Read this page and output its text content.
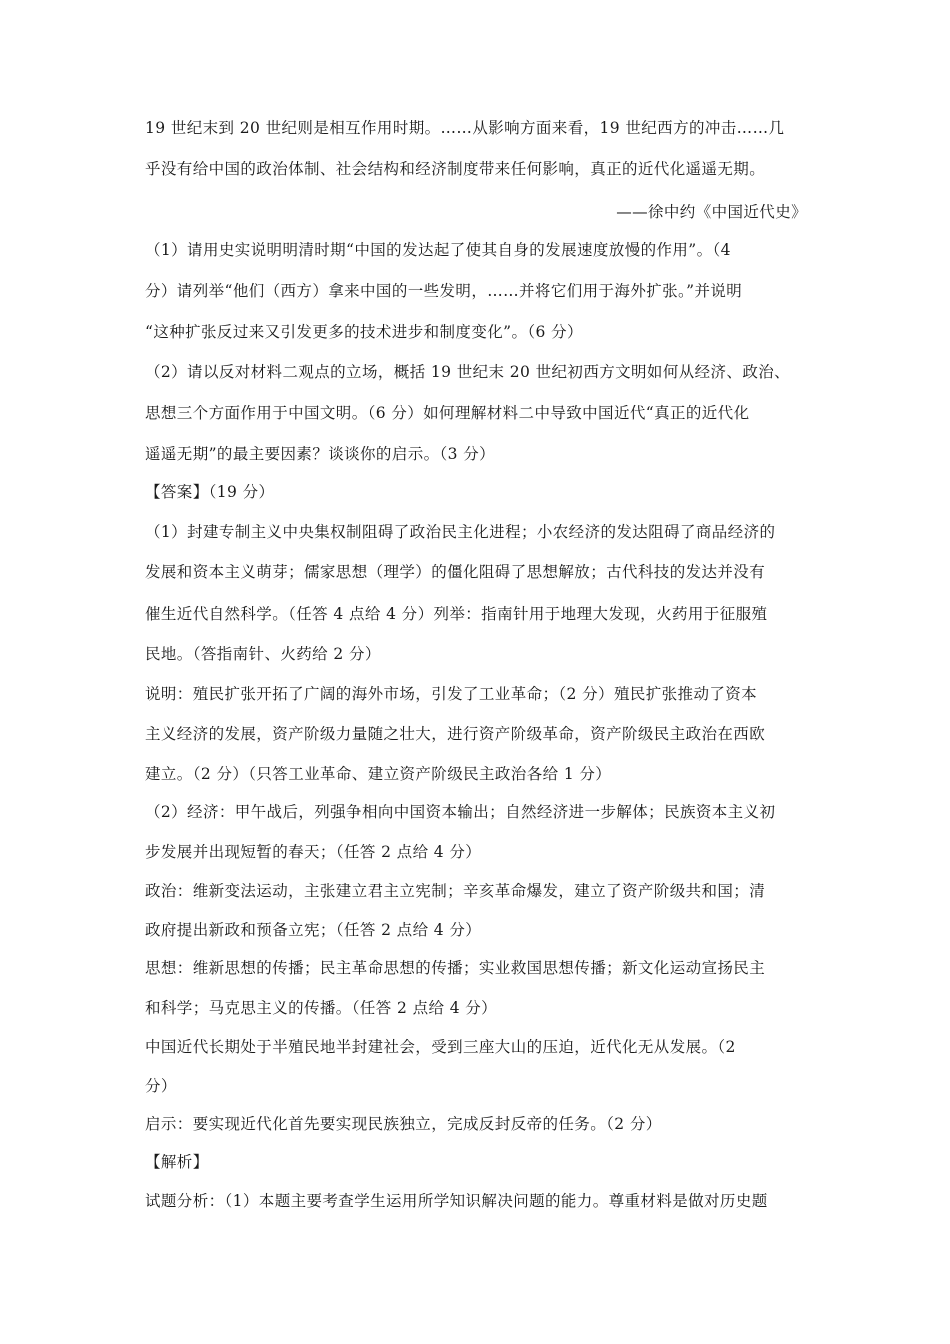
19 世纪末到 20 世纪则是相互作用时期。……从影响方面来看，19 世纪西方的冲击……几
乎没有给中国的政治体制、社会结构和经济制度带来任何影响，真正的近代化遥遥无期。
——徐中约《中国近代史》
（1）请用史实说明明清时期“中国的发达起了使其自身的发展速度放慢的作用”。（4
分）请列举“他们（西方）拿来中国的一些发明，……并将它们用于海外扩张。”并说明
“这种扩张反过来又引发更多的技术进步和制度变化”。（6 分）
（2）请以反对材料二观点的立场，概括 19 世纪末 20 世纪初西方文明如何从经济、政治、
思想三个方面作用于中国文明。（6 分）如何理解材料二中导致中国近代“真正的近代化
遥遥无期”的最主要因素？谈谈你的启示。（3 分）
【答案】（19 分）
（1）封建专制主义中央集权制阻碍了政治民主化进程；小农经济的发达阻碍了商品经济的
发展和资本主义萌芽；儒家思想（理学）的僵化阻碍了思想解放；古代科技的发达并没有
催生近代自然科学。（任答 4 点给 4 分）列举：指南针用于地理大发现，火药用于征服殖
民地。（答指南针、火药给 2 分）
说明：殖民扩张开拓了广阔的海外市场，引发了工业革命；（2 分）殖民扩张推动了资本
主义经济的发展，资产阶级力量随之壮大，进行资产阶级革命，资产阶级民主政治在西欧
建立。（2 分）（只答工业革命、建立资产阶级民主政治各给 1 分）
（2）经济：甲午战后，列强争相向中国资本输出；自然经济进一步解体；民族资本主义初
步发展并出现短暂的春天；（任答 2 点给 4 分）
政治：维新变法运动，主张建立君主立宪制；辛亥革命爆发，建立了资产阶级共和国；清
政府提出新政和预备立宪；（任答 2 点给 4 分）
思想：维新思想的传播；民主革命思想的传播；实业救国思想传播；新文化运动宣扬民主
和科学；马克思主义的传播。（任答 2 点给 4 分）
中国近代长期处于半殖民地半封建社会，受到三座大山的压迫，近代化无从发展。（2
分）
启示：要实现近代化首先要实现民族独立，完成反封反帝的任务。（2 分）
【解析】
试题分析：（1）本题主要考查学生运用所学知识解决问题的能力。尊重材料是做对历史题
